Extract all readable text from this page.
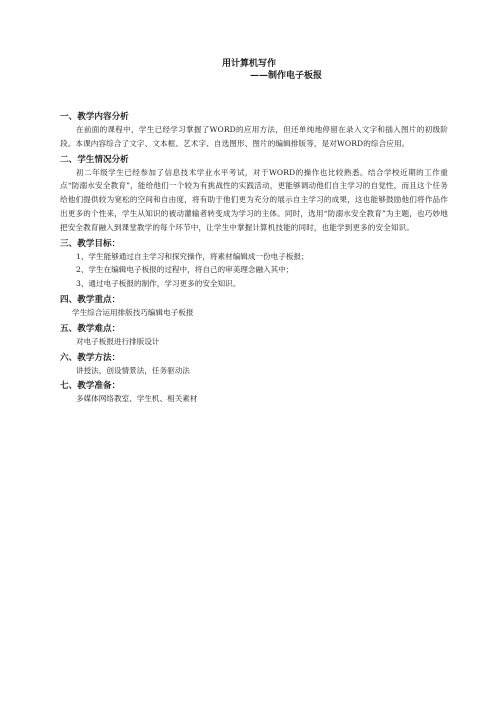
用计算机写作
——制作电子板报
一、教学内容分析
在前面的课程中，学生已经学习掌握了WORD的应用方法，但还单纯地停留在录入文字和插入图片的初级阶段。本课内容综合了文字、文本框、艺术字、自选图形、图片的编辑排版等，是对WORD的综合应用。
二、学生情况分析
初二年级学生已经参加了信息技术学业水平考试，对于WORD的操作也比较熟悉。结合学校近期的工作重点“防溺水安全教育”，能给他们一个较为有挑战性的实践活动，更能够调动他们自主学习的自觉性，而且这个任务给他们提供较为宽松的空间和自由度，将有助于他们更为充分的展示自主学习的成果，这也能够鼓励他们将作品作出更多的个性来，学生从知识的被动灌输者转变成为学习的主体。同时，选用“防溺水安全教育”为主题，也巧妙地把安全教育融入到课堂教学的每个环节中，让学生中掌握计算机技能的同时，也能学到更多的安全知识。
三、教学目标：
1、学生能够通过自主学习和探究操作，将素材编辑成一份电子板报；
2、学生在编辑电子板报的过程中，将自己的审美理念融入其中；
3、通过电子板报的制作，学习更多的安全知识。
四、教学重点：
学生综合运用排版技巧编辑电子板报
五、教学难点：
对电子板报进行排版设计
六、教学方法：
讲授法，创设情景法，任务驱动法
七、教学准备：
多媒体网络教室、学生机、相关素材
